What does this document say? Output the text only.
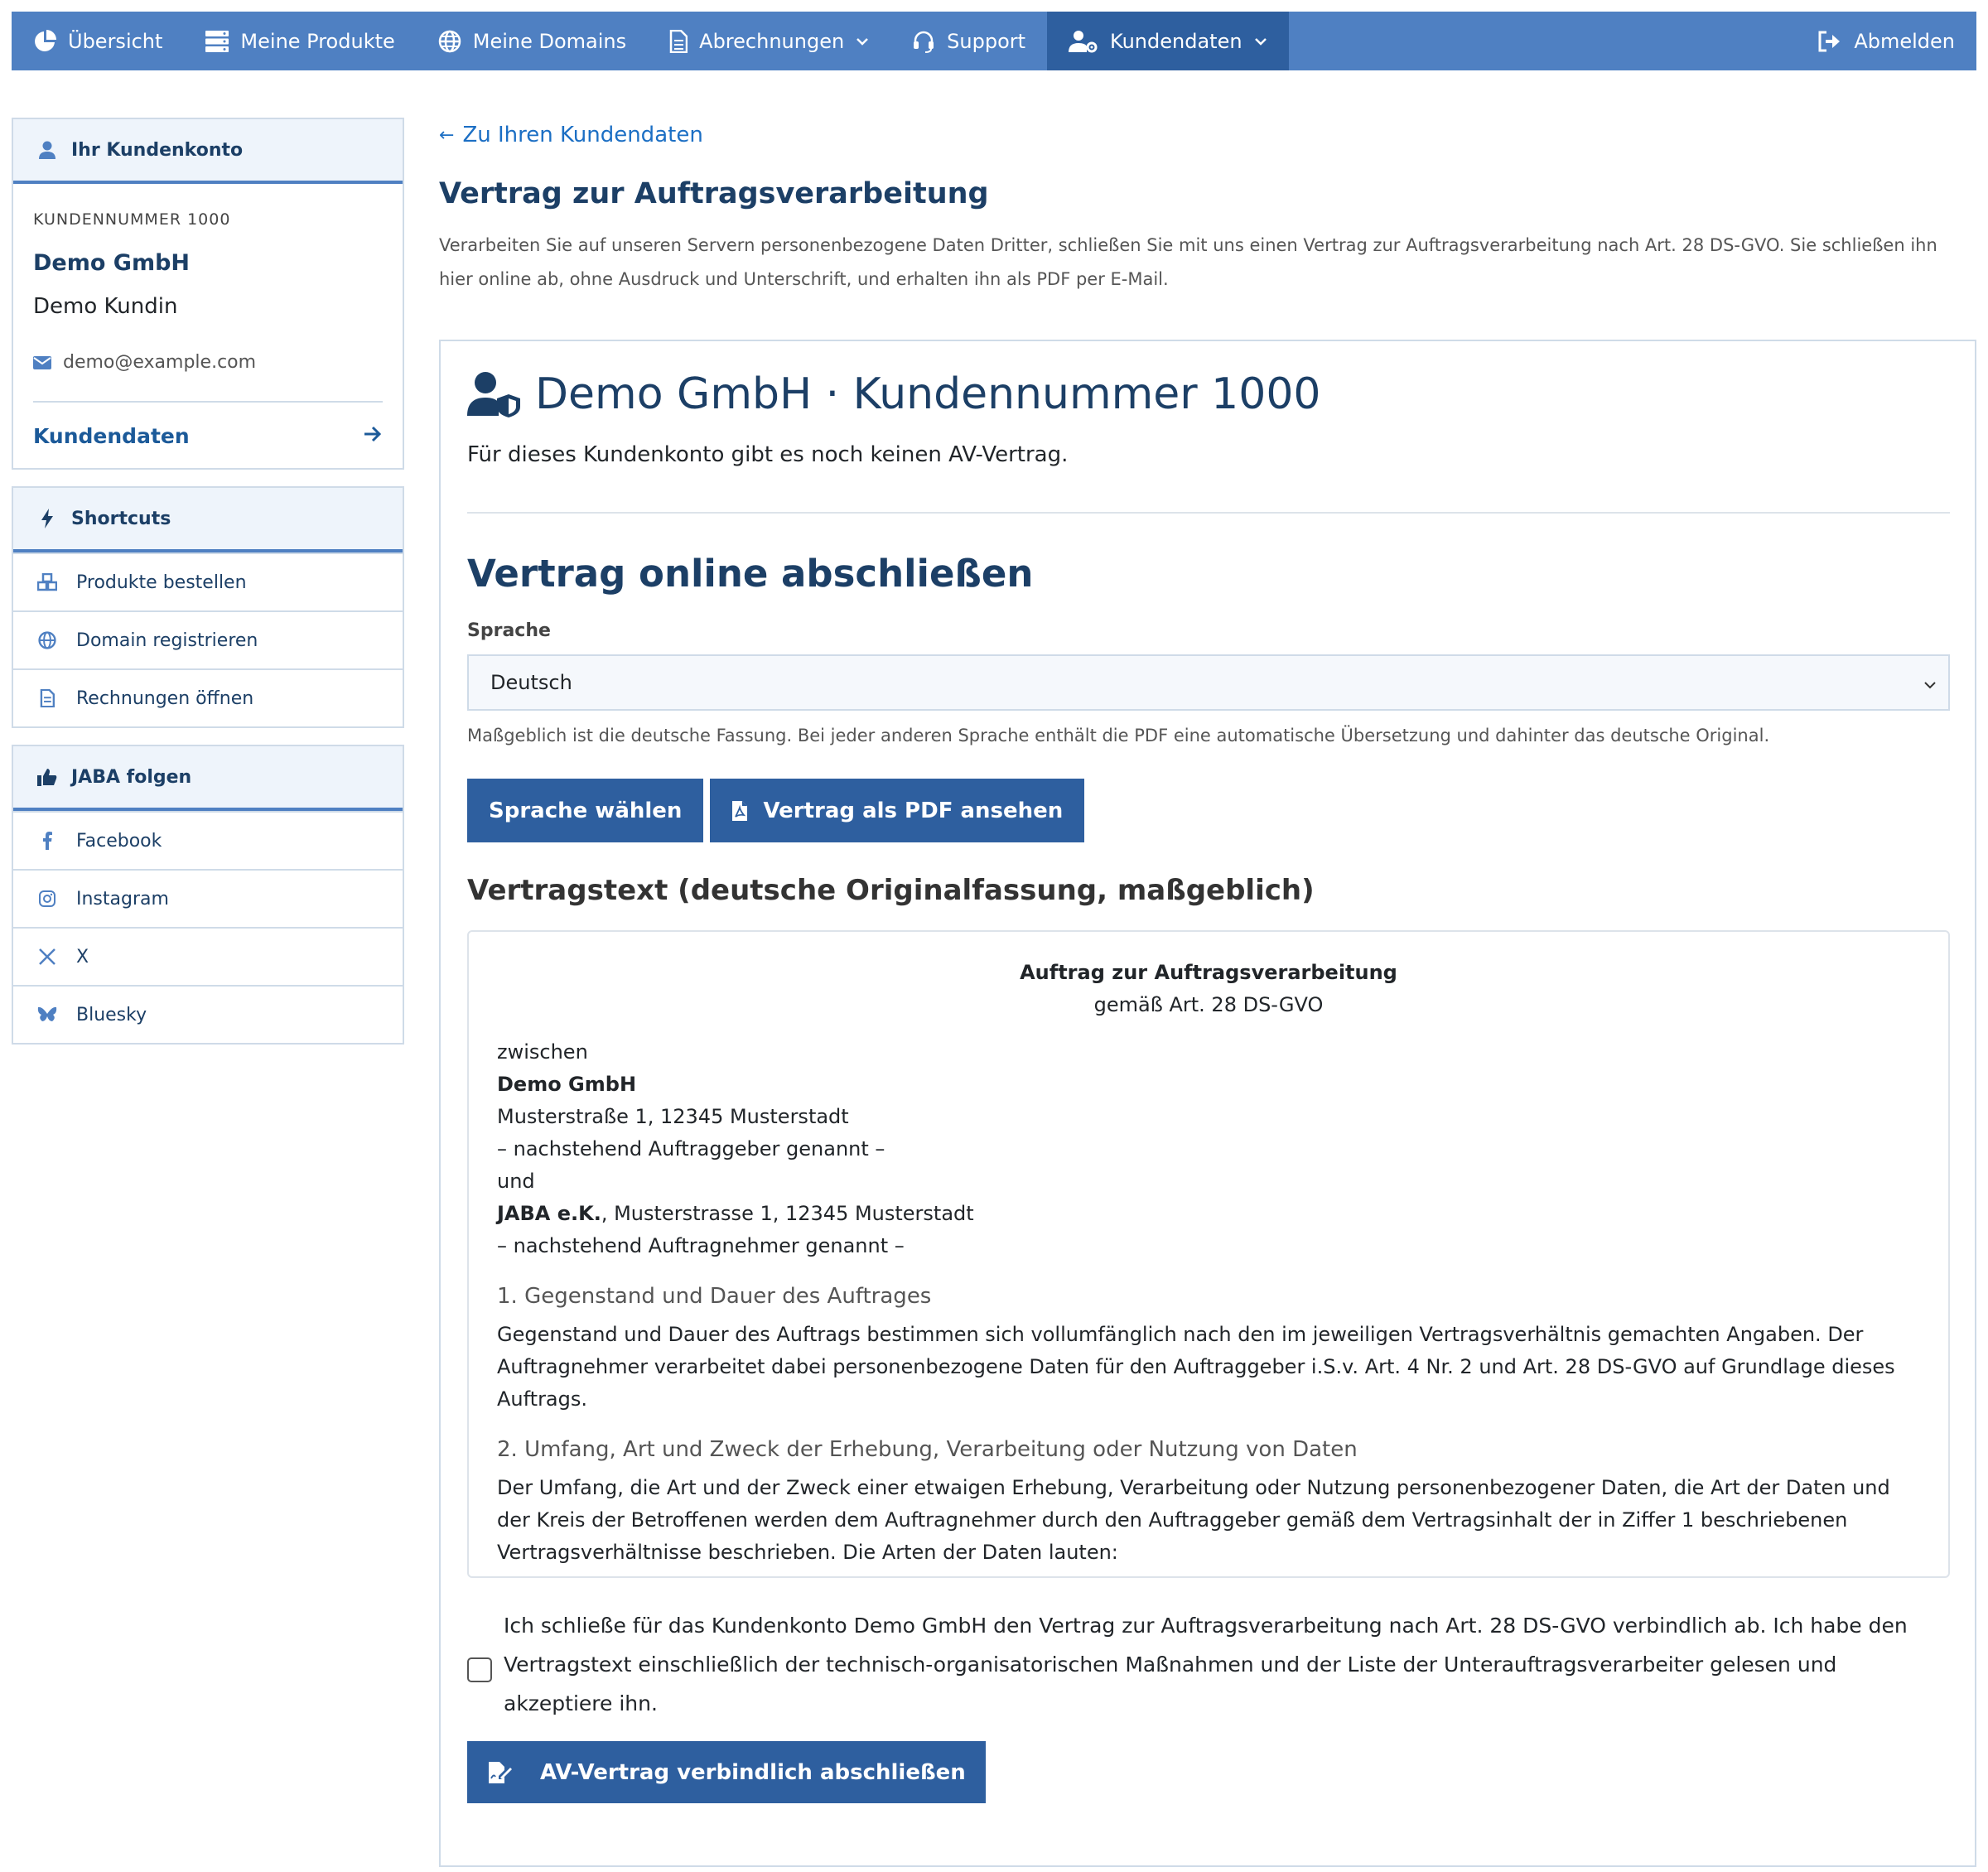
Übersicht	Meine Produkte	Meine Domains	Abrechnungen	Support	Kundendaten	Abmelden
Ihr Kundenkonto
KUNDENNUMMER 1000
Demo GmbH
Demo Kundin
demo@example.com
Kundendaten
Shortcuts
Produkte bestellen
Domain registrieren
Rechnungen öffnen
JABA folgen
Facebook
Instagram
X
Bluesky
← Zu Ihren Kundendaten
Vertrag zur Auftragsverarbeitung

Verarbeiten Sie auf unseren Servern personenbezogene Daten Dritter, schließen Sie mit uns einen Vertrag zur Auftragsverarbeitung nach Art. 28 DS-GVO. Sie schließen ihn hier online ab, ohne Ausdruck und Unterschrift, und erhalten ihn als PDF per E-Mail.

Demo GmbH · Kundennummer 1000

Für dieses Kundenkonto gibt es noch keinen AV-Vertrag.

Vertrag online abschließen
Sprache
Deutsch

Maßgeblich ist die deutsche Fassung. Bei jeder anderen Sprache enthält die PDF eine automatische Übersetzung und dahinter das deutsche Original.

Sprache wählen	Vertrag als PDF ansehen
Vertragstext (deutsche Originalfassung, maßgeblich)
Auftrag zur Auftragsverarbeitung
gemäß Art. 28 DS-GVO
zwischen
Demo GmbH
Musterstraße 1, 12345 Musterstadt
– nachstehend Auftraggeber genannt –
und
JABA e.K., Musterstrasse 1, 12345 Musterstadt
– nachstehend Auftragnehmer genannt –
1. Gegenstand und Dauer des Auftrages
Gegenstand und Dauer des Auftrags bestimmen sich vollumfänglich nach den im jeweiligen Vertragsverhältnis gemachten Angaben. Der Auftragnehmer verarbeitet dabei personenbezogene Daten für den Auftraggeber i.S.v. Art. 4 Nr. 2 und Art. 28 DS-GVO auf Grundlage dieses Auftrags.
2. Umfang, Art und Zweck der Erhebung, Verarbeitung oder Nutzung von Daten
Der Umfang, die Art und der Zweck einer etwaigen Erhebung, Verarbeitung oder Nutzung personenbezogener Daten, die Art der Daten und der Kreis der Betroffenen werden dem Auftragnehmer durch den Auftraggeber gemäß dem Vertragsinhalt der in Ziffer 1 beschriebenen Vertragsverhältnisse beschrieben. Die Arten der Daten lauten:
Ich schließe für das Kundenkonto Demo GmbH den Vertrag zur Auftragsverarbeitung nach Art. 28 DS-GVO verbindlich ab. Ich habe den Vertragstext einschließlich der technisch-organisatorischen Maßnahmen und der Liste der Unterauftragsverarbeiter gelesen und akzeptiere ihn.
AV-Vertrag verbindlich abschließen
